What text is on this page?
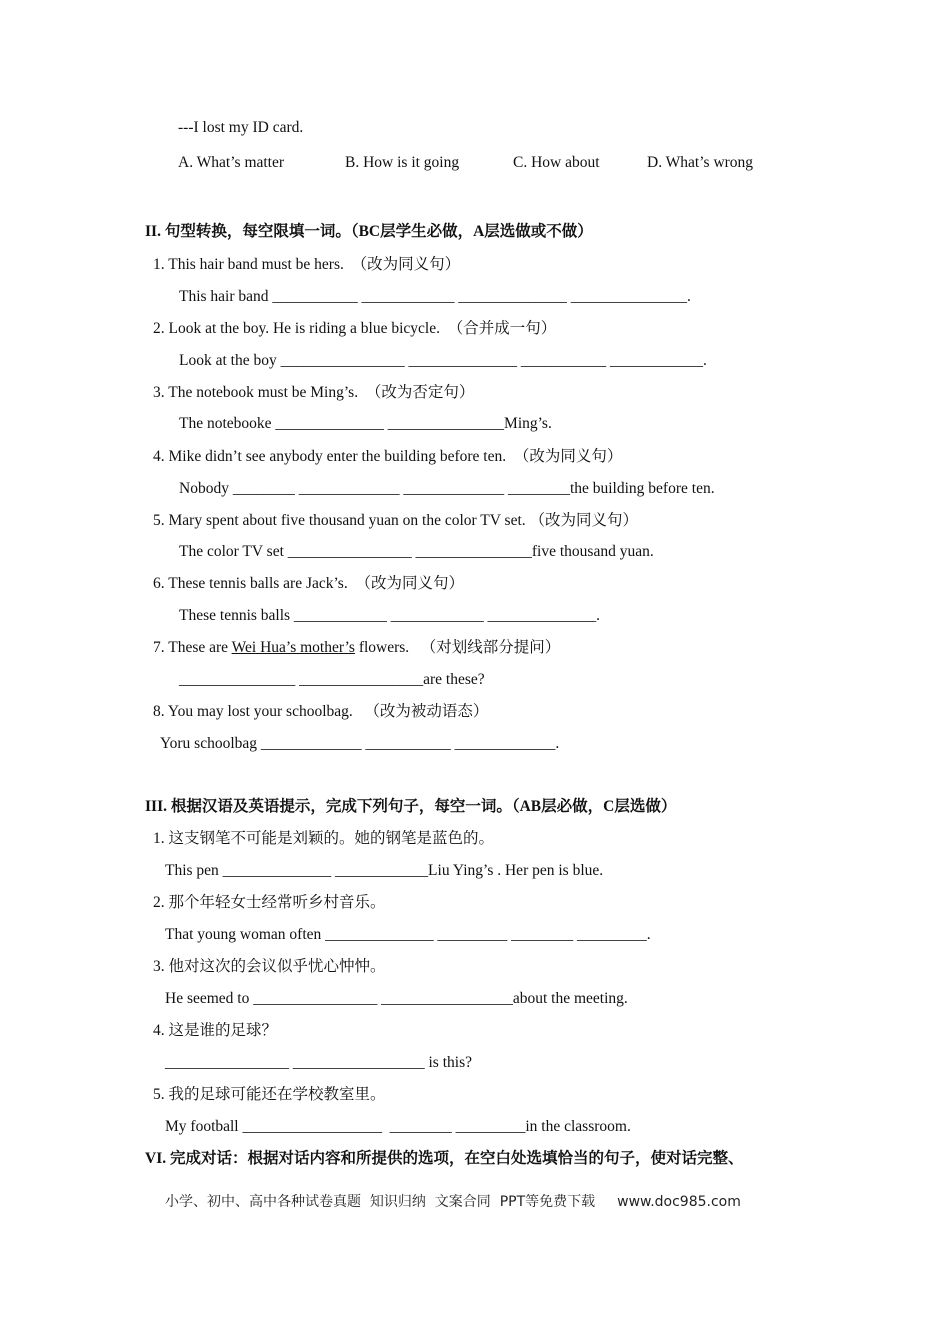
---I lost my ID card.
A. What’s matter	B. How is it going	C. How about	D. What’s wrong
II. 句型转换，每空限填一词。（BC层学生必做，A层选做或不做）
1. This hair band must be hers.  （改为同义句）
This hair band ___________ ____________ ______________ _______________.
2. Look at the boy. He is riding a blue bicycle.  （合并成一句）
Look at the boy ________________ ______________ ___________ ____________.
3. The notebook must be Ming’s.  （改为否定句）
The notebooke ______________ _______________Ming’s.
4. Mike didn’t see anybody enter the building before ten.  （改为同义句）
Nobody ________ _____________ _____________ ________the building before ten.
5. Mary spent about five thousand yuan on the color TV set. （改为同义句）
The color TV set ________________ _______________five thousand yuan.
6. These tennis balls are Jack’s.  （改为同义句）
These tennis balls ____________ ____________ ______________.
7. These are Wei Hua’s mother’s flowers.   （对划线部分提问）
_______________ ________________are these?
8. You may lost your schoolbag.   （改为被动语态）
Yoru schoolbag _____________ ___________ _____________.
III. 根据汉语及英语提示，完成下列句子，每空一词。（AB层必做，C层选做）
1. 这支钢笔不可能是刘颖的。她的钢笔是蓝色的。
This pen ______________ ____________Liu Ying’s . Her pen is blue.
2. 那个年轻女士经常听乡村音乐。
That young woman often ______________ _________ ________ _________.
3. 他对这次的会议似乎忧心忡忡。
He seemed to ________________ _________________about the meeting.
4. 这是谁的足球？
________________ _________________ is this?
5. 我的足球可能还在学校教室里。
My football __________________  ________ _________in the classroom.
VI. 完成对话：根据对话内容和所提供的选项，在空白处选填恰当的句子，使对话完整、
小学、初中、高中各种试卷真题  知识归纳  文案合同  PPT等免费下载 www.doc985.com
